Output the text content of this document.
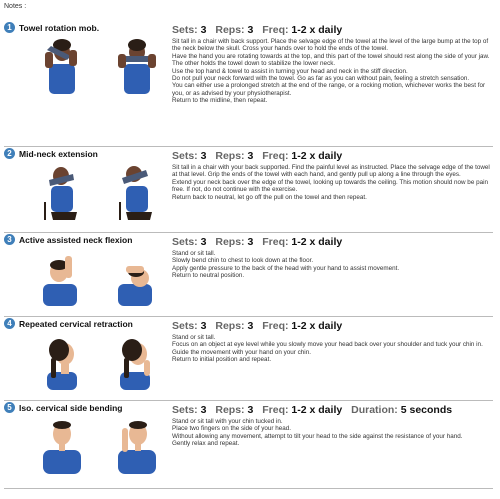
Notes :
1 Towel rotation mob.	Sets: 3 Reps: 3 Freq: 1-2 x daily
Sit tall in a chair with back support. Place the selvage edge of the towel at the level of the large bump at the top of the neck below the skull. Cross your hands over to hold the ends of the towel.
Have the hand you are rotating towards at the top, and this part of the towel should rest along the side of your jaw. The other holds the towel down to stabilize the lower neck.
Use the top hand & towel to assist in turning your head and neck in the stiff direction.
Do not pull your neck forward with the towel. Go as far as you can without pain, feeling a stretch sensation.
You can either use a prolonged stretch at the end of the range, or a rocking motion, whichever works the best for you, or as advised by your physiotherapist.
Return to the midline, then repeat.
2 Mid-neck extension	Sets: 3 Reps: 3 Freq: 1-2 x daily
Sit tall in a chair with your back supported. Find the painful level as instructed. Place the selvage edge of the towel at that level. Grip the ends of the towel with each hand, and gently pull up along a line through the eyes.
Extend your neck back over the edge of the towel, looking up towards the ceiling. This motion should now be pain free. If not, do not continue with the exercise.
Return back to neutral, let go off the pull on the towel and then repeat.
3 Active assisted neck flexion	Sets: 3 Reps: 3 Freq: 1-2 x daily
Stand or sit tall.
Slowly bend chin to chest to look down at the floor.
Apply gentle pressure to the back of the head with your hand to assist movement.
Return to neutral position.
4 Repeated cervical retraction	Sets: 3 Reps: 3 Freq: 1-2 x daily
Stand or sit tall.
Focus on an object at eye level while you slowly move your head back over your shoulder and tuck your chin in. Guide the movement with your hand on your chin.
Return to initial position and repeat.
5 Iso. cervical side bending	Sets: 3 Reps: 3 Freq: 1-2 x daily Duration: 5 seconds
Stand or sit tall with your chin tucked in.
Place two fingers on the side of your head.
Without allowing any movement, attempt to tilt your head to the side against the resistance of your hand.
Gently relax and repeat.
